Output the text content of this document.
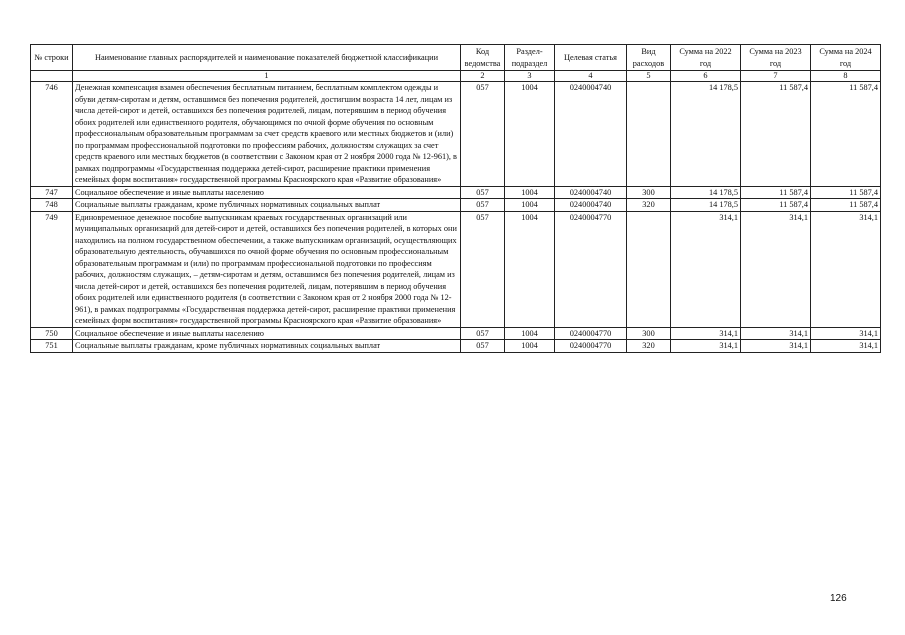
№ строки	Наименование главных распорядителей и наименование показателей бюджетной классификации	Код ведомства	Раздел-подраздел	Целевая статья	Вид расходов	Сумма на 2022 год	Сумма на 2023 год	Сумма на 2024 год
	1	2	3	4	5	6	7	8
746	Денежная компенсация взамен обеспечения бесплатным питанием, бесплатным комплектом одежды и обуви детям-сиротам и детям, оставшимся без попечения родителей, достигшим возраста 14 лет, лицам из числа детей-сирот и детей, оставшихся без попечения родителей, лицам, потерявшим в период обучения обоих родителей или единственного родителя, обучающимся по очной форме обучения по основным профессиональным образовательным программам за счет средств краевого или местных бюджетов и (или) по программам профессиональной подготовки по профессиям рабочих, должностям служащих за счет средств краевого или местных бюджетов (в соответствии с Законом края от 2 ноября 2000 года № 12-961), в рамках подпрограммы «Государственная поддержка детей-сирот, расширение практики применения семейных форм воспитания» государственной программы Красноярского края «Развитие образования»	057	1004	0240004740		14 178,5	11 587,4	11 587,4
747	Социальное обеспечение и иные выплаты населению	057	1004	0240004740	300	14 178,5	11 587,4	11 587,4
748	Социальные выплаты гражданам, кроме публичных нормативных социальных выплат	057	1004	0240004740	320	14 178,5	11 587,4	11 587,4
749	Единовременное денежное пособие выпускникам краевых государственных организаций или муниципальных организаций для детей-сирот и детей, оставшихся без попечения родителей, в которых они находились на полном государственном обеспечении, а также выпускникам организаций, осуществляющих образовательную деятельность, обучавшихся по очной форме обучения по основным профессиональным образовательным программам и (или) по программам профессиональной подготовки по профессиям рабочих, должностям служащих, – детям-сиротам и детям, оставшимся без попечения родителей, лицам из числа детей-сирот и детей, оставшихся без попечения родителей, лицам, потерявшим в период обучения обоих родителей или единственного родителя (в соответствии с Законом края от 2 ноября 2000 года № 12-961), в рамках подпрограммы «Государственная поддержка детей-сирот, расширение практики применения семейных форм воспитания» государственной программы Красноярского края «Развитие образования»	057	1004	0240004770		314,1	314,1	314,1
750	Социальное обеспечение и иные выплаты населению	057	1004	0240004770	300	314,1	314,1	314,1
751	Социальные выплаты гражданам, кроме публичных нормативных социальных выплат	057	1004	0240004770	320	314,1	314,1	314,1
126
